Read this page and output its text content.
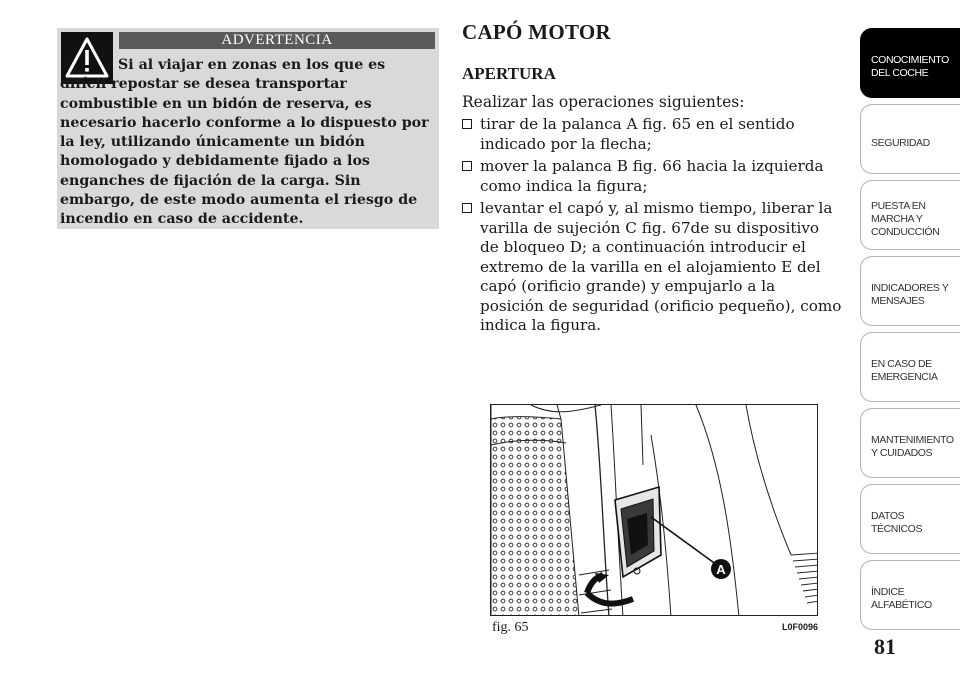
ADVERTENCIA
Si al viajar en zonas en los que es difícil repostar se desea transportar combustible en un bidón de reserva, es necesario hacerlo conforme a lo dispuesto por la ley, utilizando únicamente un bidón homologado y debidamente fijado a los enganches de fijación de la carga. Sin embargo, de este modo aumenta el riesgo de incendio en caso de accidente.
CAPÓ MOTOR
APERTURA
Realizar las operaciones siguientes:
tirar de la palanca A fig. 65 en el sentido indicado por la flecha;
mover la palanca B fig. 66 hacia la izquierda como indica la figura;
levantar el capó y, al mismo tiempo, liberar la varilla de sujeción C fig. 67de su dispositivo de bloqueo D; a continuación introducir el extremo de la varilla en el alojamiento E del capó (orificio grande) y empujarlo a la posición de seguridad (orificio pequeño), como indica la figura.
A
fig. 65	L0F0096
CONOCIMIENTO DEL COCHE
SEGURIDAD
PUESTA EN MARCHA Y CONDUCCIÓN
INDICADORES Y MENSAJES
EN CASO DE EMERGENCIA
MANTENIMIENTO Y CUIDADOS
DATOS TÉCNICOS
ÍNDICE ALFABÉTICO
81
